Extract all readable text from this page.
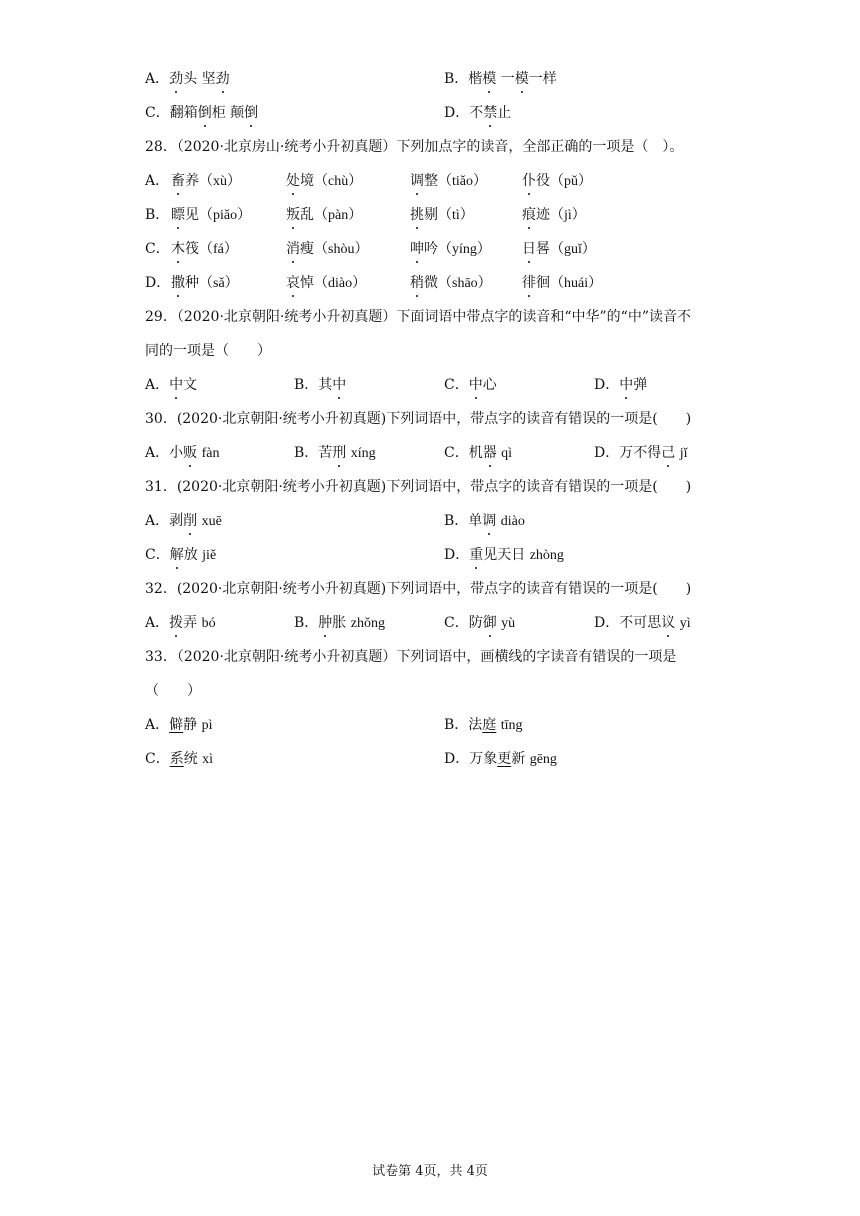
A．劲头 坚劲	B．楷模 一模一样
C．翻箱倒柜 颠倒	D．不禁止
28．（2020·北京房山·统考小升初真题）下列加点字的读音，全部正确的一项是（　）。
A． 畜养（xù）	处境（chù）	调整（tiǎo）	仆役（pǔ）
B． 瞟见（piǎo） 叛乱（pàn）	挑剔（tì）	痕迹（jì）
C． 木筏（fá）	消瘦（shòu）	呻吟（yíng） 日晷（guǐ）
D． 撒种（sǎ）	哀悼（diào）	稍微（shāo） 徘徊（huái）
29．（2020·北京朝阳·统考小升初真题）下面词语中带点字的读音和“中华”的“中”读音不
同的一项是（　　）
A．中文	B．其中	C．中心	D．中弹
30．(2020·北京朝阳·统考小升初真题)下列词语中，带点字的读音有错误的一项是(　　)
A．小贩 fàn	B．苦刑 xíng	C．机器 qì	D．万不得己 jǐ
31．(2020·北京朝阳·统考小升初真题)下列词语中，带点字的读音有错误的一项是(　　)
A．剥削 xuē	B．单调 diào
C．解放 jiě	D．重见天日 zhòng
32．(2020·北京朝阳·统考小升初真题)下列词语中，带点字的读音有错误的一项是(　　)
A．拨弄 bó	B．肿胀 zhǒng	C．防御 yù	D．不可思议 yì
33．（2020·北京朝阳·统考小升初真题）下列词语中，画横线的字读音有错误的一项是
（　　）
A．僻静 pì	B．法庭 tīng
C．系统 xì	D．万象更新 gēng
试卷第 4页，共 4页
